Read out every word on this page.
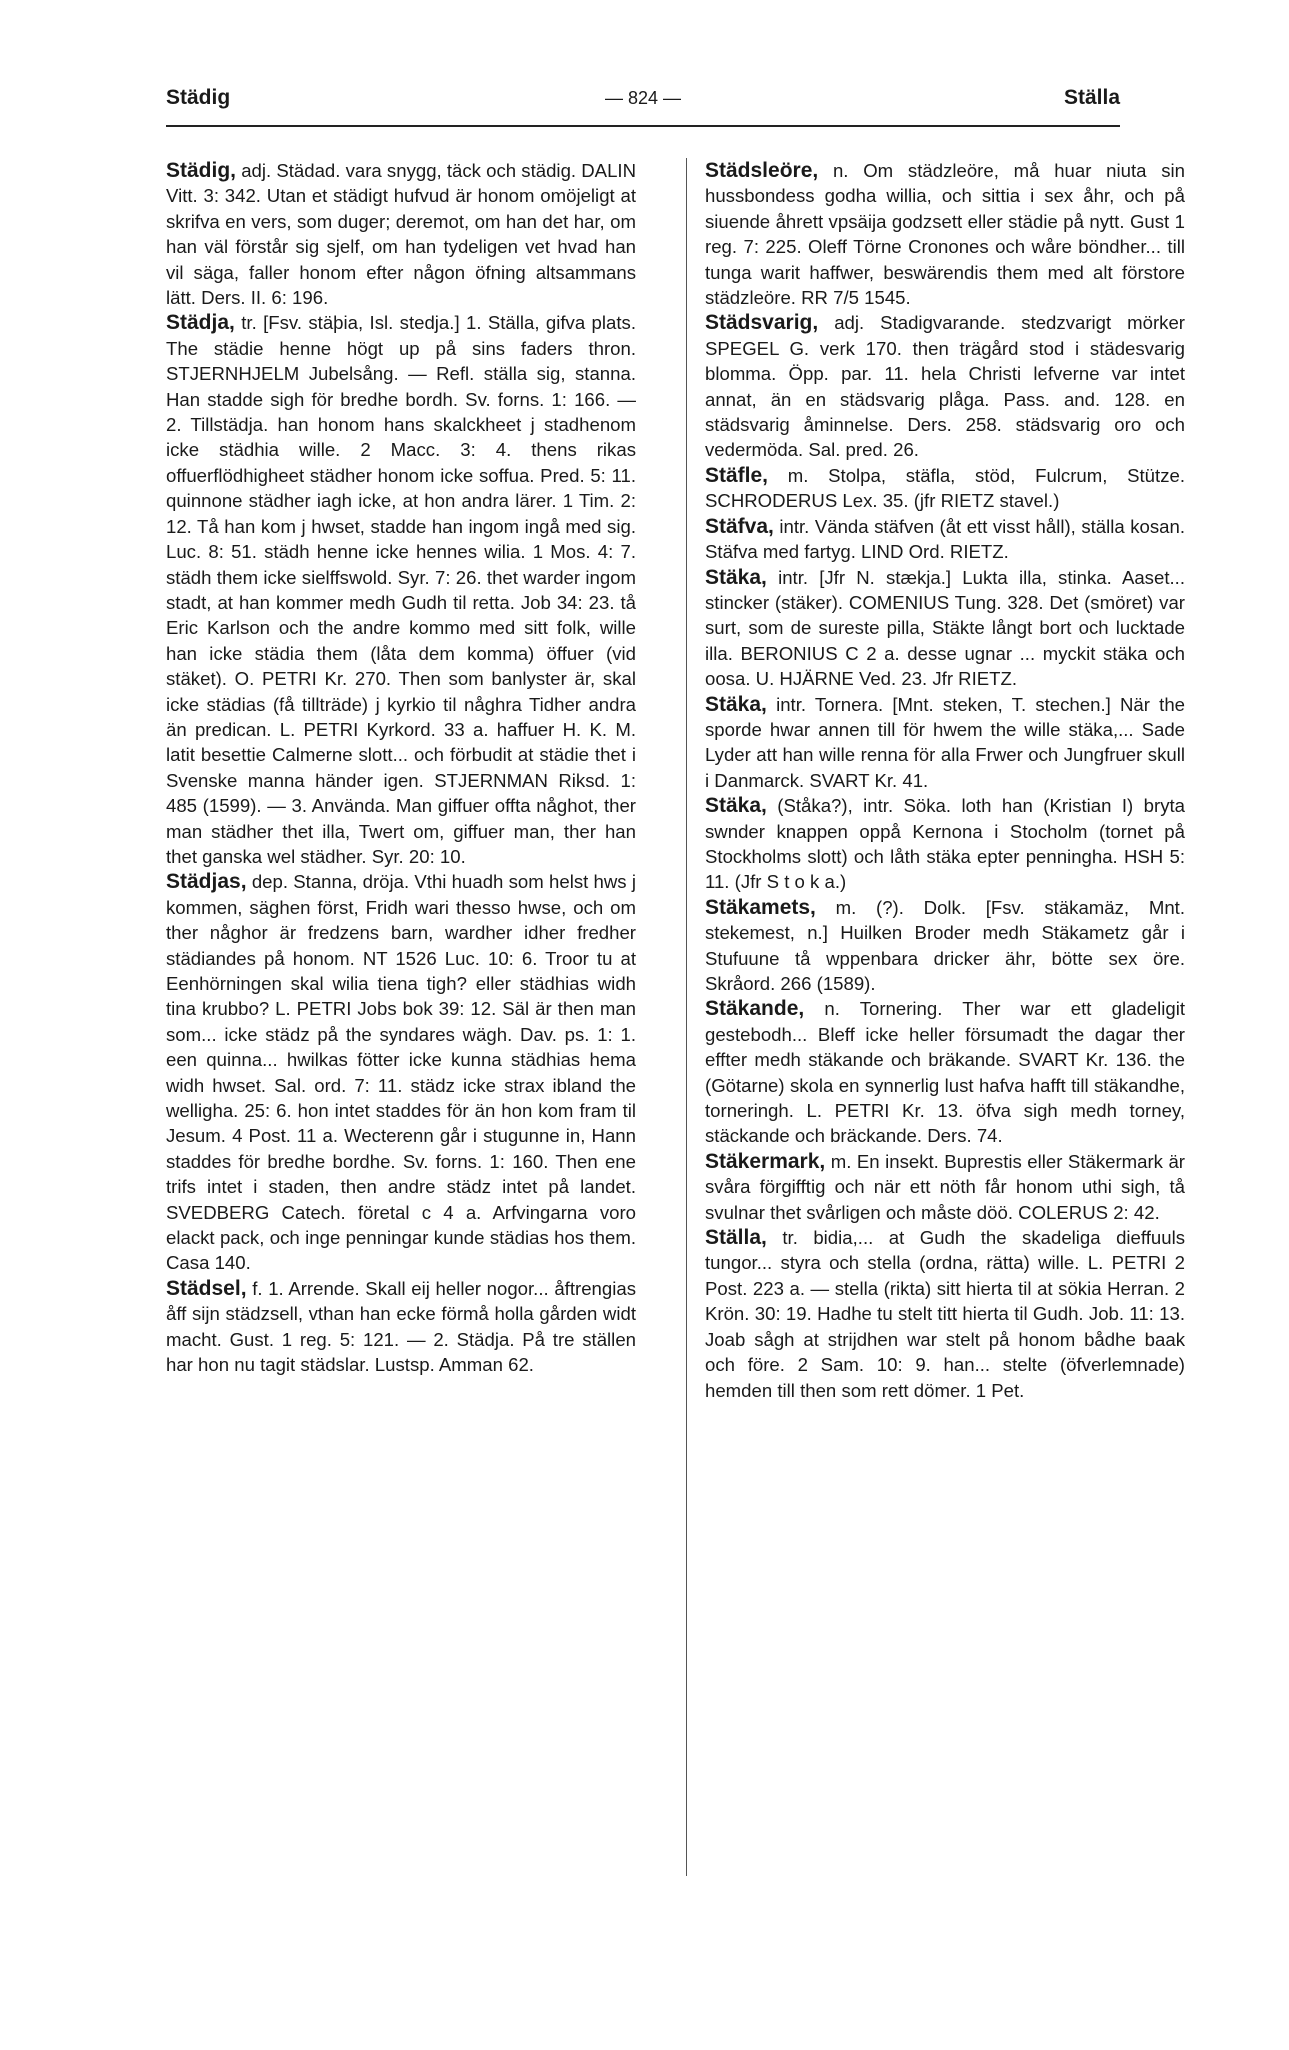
Städig	— 824 —	Ställa

Städig, adj. Städad. vara snygg, täck och städig. DALIN Vitt. 3: 342. Utan et städigt hufvud är honom omöjeligt at skrifva en vers, som duger; deremot, om han det har, om han väl förstår sig sjelf, om han tydeligen vet hvad han vil säga, faller honom efter någon öfning altsammans lätt. Ders. II. 6: 196.

Städja, tr. [Fsv. stäþia, Isl. stedja.] 1. Ställa, gifva plats. The städie henne högt up på sins faders thron. STJERNHJELM Jubelsång. — Refl. ställa sig, stanna. Han stadde sigh för bredhe bordh. Sv. forns. 1: 166. — 2. Tillstädja. han honom hans skalckheet j stadhenom icke städhia wille. 2 Macc. 3: 4. thens rikas offuerflödhigheet städher honom icke soffua. Pred. 5: 11. quinnone städher iagh icke, at hon andra lärer. 1 Tim. 2: 12. Tå han kom j hwset, stadde han ingom ingå med sig. Luc. 8: 51. städh henne icke hennes wilia. 1 Mos. 4: 7. städh them icke sielffswold. Syr. 7: 26. thet warder ingom stadt, at han kommer medh Gudh til retta. Job 34: 23. tå Eric Karlson och the andre kommo med sitt folk, wille han icke städia them (låta dem komma) öffuer (vid stäket). O. PETRI Kr. 270. Then som banlyster är, skal icke städias (få tillträde) j kyrkio til någhra Tidher andra än predican. L. PETRI Kyrkord. 33 a. haffuer H. K. M. latit besettie Calmerne slott... och förbudit at städie thet i Svenske manna händer igen. STJERNMAN Riksd. 1: 485 (1599). — 3. Använda. Man giffuer offta någhot, ther man städher thet illa, Twert om, giffuer man, ther han thet ganska wel städher. Syr. 20: 10.

Städjas, dep. Stanna, dröja. Vthi huadh som helst hws j kommen, säghen först, Fridh wari thesso hwse, och om ther någhor är fredzens barn, wardher idher fredher städiandes på honom. NT 1526 Luc. 10: 6. Troor tu at Eenhörningen skal wilia tiena tigh? eller städhias widh tina krubbo? L. PETRI Jobs bok 39: 12. Säl är then man som... icke städz på the syndares wägh. Dav. ps. 1: 1. een quinna... hwilkas fötter icke kunna städhias hema widh hwset. Sal. ord. 7: 11. städz icke strax ibland the welligha. 25: 6. hon intet staddes för än hon kom fram til Jesum. 4 Post. 11 a. Wecterenn går i stugunne in, Hann staddes för bredhe bordhe. Sv. forns. 1: 160. Then ene trifs intet i staden, then andre städz intet på landet. SVEDBERG Catech. företal c 4 a. Arfvingarna voro elackt pack, och inge penningar kunde städias hos them. Casa 140.

Städsel, f. 1. Arrende. Skall eij heller nogor... åftrengias åff sijn städzsell, vthan han ecke förmå holla gården widt macht. Gust. 1 reg. 5: 121. — 2. Städja. På tre ställen har hon nu tagit städslar. Lustsp. Amman 62.

Städsleöre, n. Om städzleöre, må huar niuta sin hussbondess godha willia, och sittia i sex åhr, och på siuende åhrett vpsäija godzsett eller städie på nytt. Gust 1 reg. 7: 225. Oleff Törne Cronones och wåre böndher... till tunga warit haffwer, beswärendis them med alt förstore städzleöre. RR 7/5 1545.

Städsvarig, adj. Stadigvarande. stedzvarigt mörker SPEGEL G. verk 170. then trägård stod i städesvarig blomma. Öpp. par. 11. hela Christi lefverne var intet annat, än en städsvarig plåga. Pass. and. 128. en städsvarig åminnelse. Ders. 258. städsvarig oro och vedermöda. Sal. pred. 26.

Stäfle, m. Stolpa, stäfla, stöd, Fulcrum, Stütze. SCHRODERUS Lex. 35. (jfr RIETZ stavel.)

Stäfva, intr. Vända stäfven (åt ett visst håll), ställa kosan. Stäfva med fartyg. LIND Ord. RIETZ.

Stäka, intr. [Jfr N. stækja.] Lukta illa, stinka. Aaset... stincker (stäker). COMENIUS Tung. 328. Det (smöret) var surt, som de sureste pilla, Stäkte långt bort och lucktade illa. BERONIUS C 2 a. desse ugnar ... myckit stäka och oosa. U. HJÄRNE Ved. 23. Jfr RIETZ.

Stäka, intr. Tornera. [Mnt. steken, T. stechen.] När the sporde hwar annen till för hwem the wille stäka,... Sade Lyder att han wille renna för alla Frwer och Jungfruer skull i Danmarck. SVART Kr. 41.

Stäka, (Ståka?), intr. Söka. loth han (Kristian I) bryta swnder knappen oppå Kernona i Stocholm (tornet på Stockholms slott) och låth stäka epter penningha. HSH 5: 11. (Jfr S t o k a.)

Stäkamets, m. (?). Dolk. [Fsv. stäkamäz, Mnt. stekemest, n.] Huilken Broder medh Stäkametz går i Stufuune tå wppenbara dricker ähr, bötte sex öre. Skråord. 266 (1589).

Stäkande, n. Tornering. Ther war ett gladeligit gestebodh... Bleff icke heller försumadt the dagar ther effter medh stäkande och bräkande. SVART Kr. 136. the (Götarne) skola en synnerlig lust hafva hafft till stäkandhe, torneringh. L. PETRI Kr. 13. öfva sigh medh torney, stäckande och bräckande. Ders. 74.

Stäkermark, m. En insekt. Buprestis eller Stäkermark är svåra förgifftig och när ett nöth får honom uthi sigh, tå svulnar thet svårligen och måste döö. COLERUS 2: 42.

Ställa, tr. bidia,... at Gudh the skadeliga dieffuuls tungor... styra och stella (ordna, rätta) wille. L. PETRI 2 Post. 223 a. — stella (rikta) sitt hierta til at sökia Herran. 2 Krön. 30: 19. Hadhe tu stelt titt hierta til Gudh. Job. 11: 13. Joab sågh at strijdhen war stelt på honom bådhe baak och före. 2 Sam. 10: 9. han... stelte (öfverlemnade) hemden till then som rett dömer. 1 Pet.
